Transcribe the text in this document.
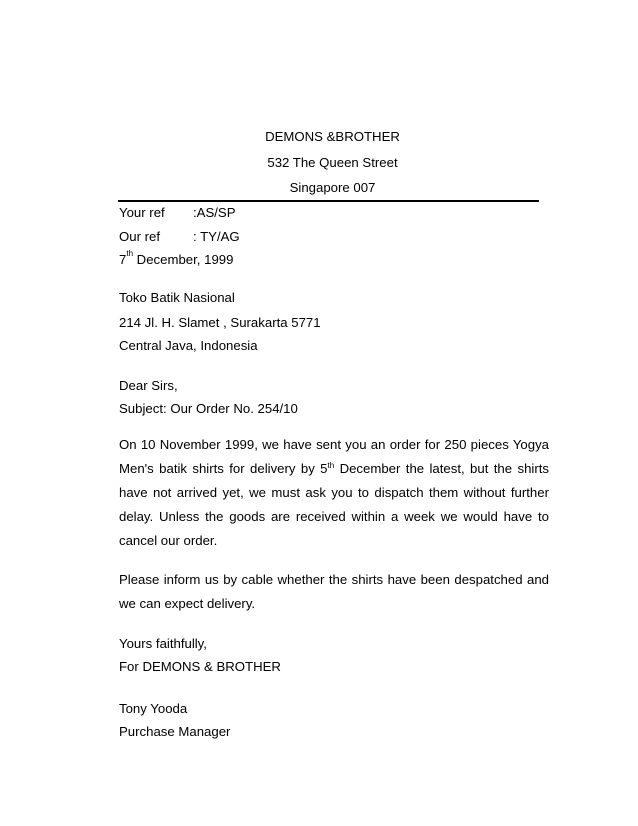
DEMONS &BROTHER
532 The Queen Street
Singapore 007
Your ref :AS/SP
Our ref : TY/AG
7th December, 1999
Toko Batik Nasional
214 Jl. H. Slamet , Surakarta 5771
Central Java, Indonesia
Dear Sirs,
Subject: Our Order No. 254/10

On 10 November 1999, we have sent you an order for 250 pieces Yogya Men's batik shirts for delivery by 5th December the latest, but the shirts have not arrived yet, we must ask you to dispatch them without further delay. Unless the goods are received within a week we would have to cancel our order.

Please inform us by cable whether the shirts have been despatched and we can expect delivery.

Yours faithfully,
For DEMONS & BROTHER
Tony Yooda
Purchase Manager
